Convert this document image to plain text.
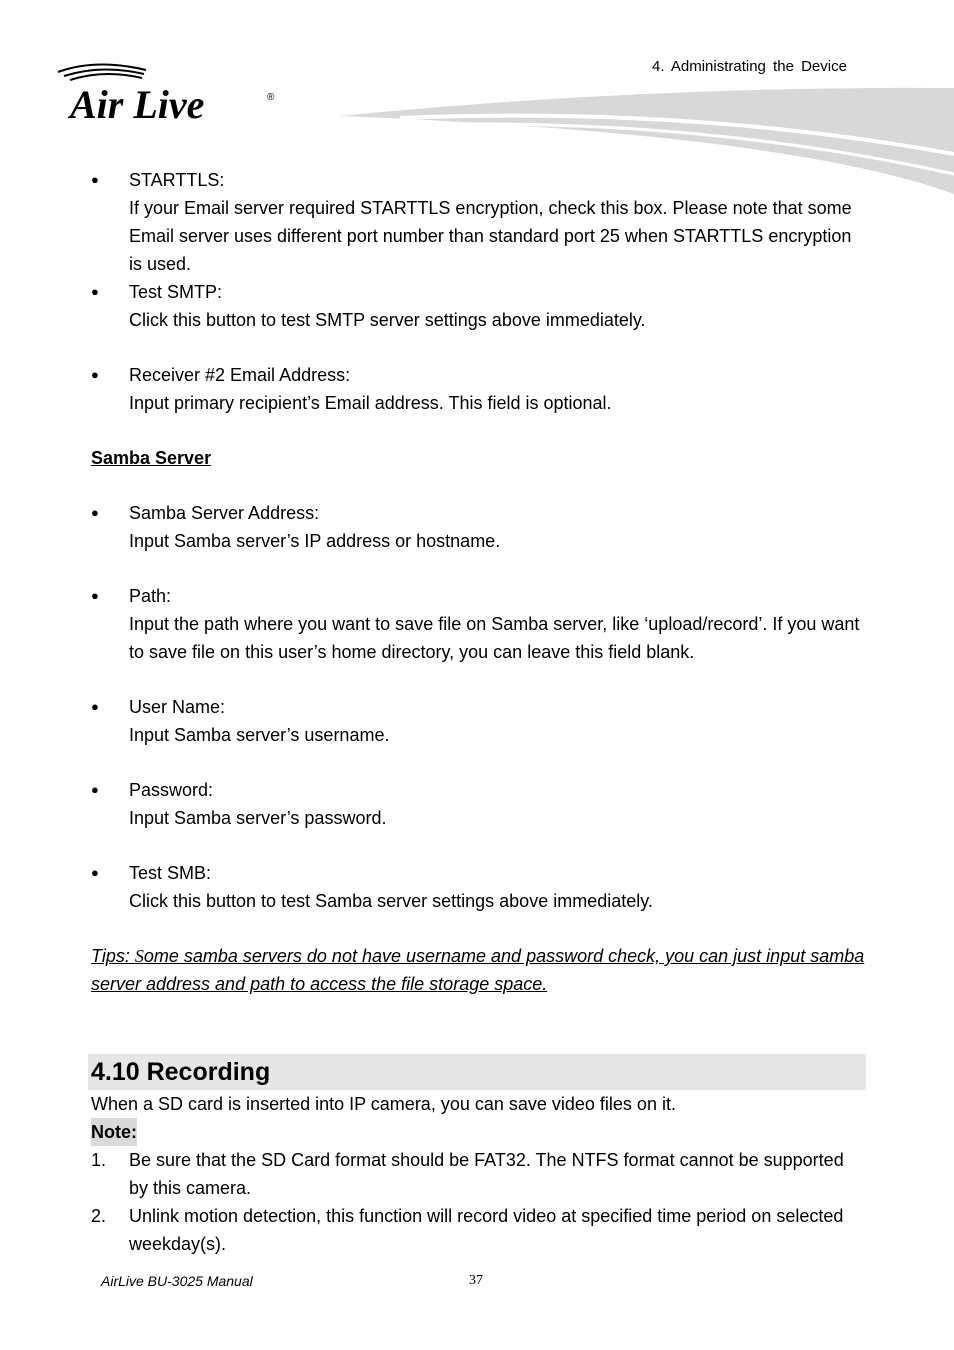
4. Administrating the Device
Air Live	®
● STARTTLS:
If your Email server required STARTTLS encryption, check this box. Please note that some Email server uses different port number than standard port 25 when STARTTLS encryption is used.
● Test SMTP:
Click this button to test SMTP server settings above immediately.
● Receiver #2 Email Address:
Input primary recipient’s Email address. This field is optional.
Samba Server
● Samba Server Address:
Input Samba server’s IP address or hostname.
● Path:
Input the path where you want to save file on Samba server, like ‘upload/record’. If you want to save file on this user’s home directory, you can leave this field blank.
● User Name:
Input Samba server’s username.
● Password:
Input Samba server’s password.
● Test SMB:
Click this button to test Samba server settings above immediately.
Tips: Some samba servers do not have username and password check, you can just input samba server address and path to access the file storage space.
4.10 Recording
When a SD card is inserted into IP camera, you can save video files on it.
Note:
1. Be sure that the SD Card format should be FAT32. The NTFS format cannot be supported by this camera.
2. Unlink motion detection, this function will record video at specified time period on selected weekday(s).
AirLive BU-3025 Manual	37
